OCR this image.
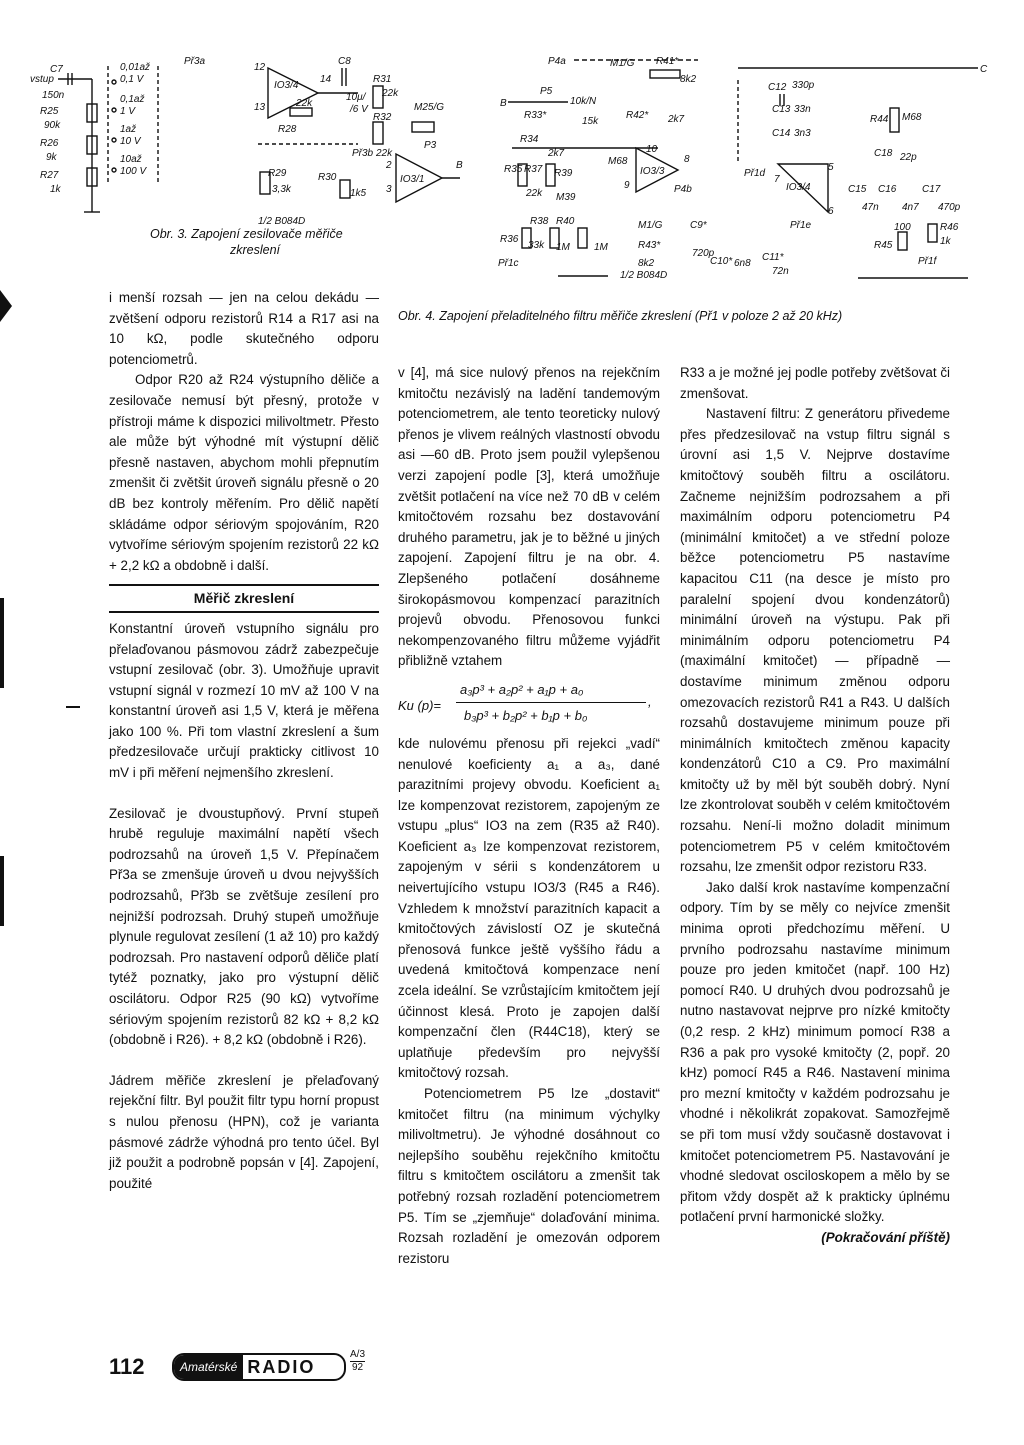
vstup
C7
150n
R25
90k
R26
9k
R27
1k
Př3a
0,01až
0,1 V
0,1až
1 V
1až
10 V
10až
100 V
12
13
IO3/4
14
22k
R28
R29
3,3k
R30
1k5
Př3b
C8
10μ/
/6 V
R31
22k
R32
22k
M25/G
P3
2
3
IO3/1
B
1/2 B084D
Obr. 3. Zapojení zesilovače měřiče
zkreslení
B
P4a	M1/G R41*
8k2
P5
10k/N
R33*
15k
R42* 2k7
R34
R35 R37
2k7
R39
M68
22k M39
10
9
8
IO3/3
P4b
R36
R38 R40
33k 1M 1M
Př1c
M1/G
R43*
8k2
C9*
720p
C10* 6n8
C11*
72n
C
C12 330p
C13 33n
C14 3n3
Př1d
7
IO3/4
5
6
Př1e
R44 M68
C18 22p
C15 C16	C17
47n 4n7 470p
R45
100	R46
1k
Př1f
1/2 B084D
Obr. 4. Zapojení přeladitelného filtru měřiče zkreslení (Př1 v poloze 2 až 20 kHz)

i menší rozsah — jen na celou dekádu — zvětšení odporu rezistorů R14 a R17 asi na 10 kΩ, podle skutečného odporu potenciometrů.

Odpor R20 až R24 výstupního děliče a zesilovače nemusí být přesný, protože v přístroji máme k dispozici milivoltmetr. Přesto ale může být výhodné mít výstupní dělič přesně nastaven, abychom mohli přepnutím zmenšit či zvětšit úroveň signálu přesně o 20 dB bez kontroly měřením. Pro dělič napětí skládáme odpor sériovým spojováním, R20 vytvoříme sériovým spojením rezistorů 22 kΩ + 2,2 kΩ a obdobně i další.

Měřič zkreslení

Konstantní úroveň vstupního signálu pro přelaďovanou pásmovou zádrž zabezpečuje vstupní zesilovač (obr. 3). Umožňuje upravit vstupní signál v rozmezí 10 mV až 100 V na konstantní úroveň asi 1,5 V, která je měřena jako 100 %. Při tom vlastní zkreslení a šum předzesilovače určují prakticky citlivost 10 mV i při měření nejmenšího zkreslení.

Zesilovač je dvoustupňový. První stupeň hrubě reguluje maximální napětí všech podrozsahů na úroveň 1,5 V. Přepínačem Př3a se zmenšuje úroveň u dvou nejvyšších podrozsahů, Př3b se zvětšuje zesílení pro nejnižší podrozsah. Druhý stupeň umožňuje plynule regulovat zesílení (1 až 10) pro každý podrozsah. Pro nastavení odporů děliče platí tytéž poznatky, jako pro výstupní dělič oscilátoru. Odpor R25 (90 kΩ) vytvoříme sériovým spojením rezistorů 82 kΩ + 8,2 kΩ (obdobně i R26). + 8,2 kΩ (obdobně i R26).

Jádrem měřiče zkreslení je přelaďovaný rejekční filtr. Byl použit filtr typu horní propust s nulou přenosu (HPN), což je varianta pásmové zádrže výhodná pro tento účel. Byl již použit a podrobně popsán v [4]. Zapojení, použité

v [4], má sice nulový přenos na rejekčním kmitočtu nezávislý na ladění tandemovým potenciometrem, ale tento teoreticky nulový přenos je vlivem reálných vlastností obvodu asi —60 dB. Proto jsem použil vylepšenou verzi zapojení podle [3], která umožňuje zvětšit potlačení na více než 70 dB v celém kmitočtovém rozsahu bez dostavování druhého parametru, jak je to běžné u jiných zapojení. Zapojení filtru je na obr. 4. Zlepšeného potlačení dosáhneme širokopásmovou kompenzací parazitních projevů obvodu. Přenosovou funkci nekompenzovaného filtru můžeme vyjádřit přibližně vztahem

Ku (p)=
a₃p³ + a₂p² + a₁p + a₀
b₃p³ + b₂p² + b₁p + b₀
,

kde nulovému přenosu při rejekci „vadí“ nenulové koeficienty a₁ a a₃, dané parazitními projevy obvodu. Koeficient a₁ lze kompenzovat rezistorem, zapojeným ze vstupu „plus“ IO3 na zem (R35 až R40). Koeficient a₃ lze kompenzovat rezistorem, zapojeným v sérii s kondenzátorem u neivertujícího vstupu IO3/3 (R45 a R46). Vzhledem k množství parazitních kapacit a kmitočtových závislostí OZ je skutečná přenosová funkce ještě vyššího řádu a uvedená kmitočtová kompenzace není zcela ideální. Se vzrůstajícím kmitočtem její účinnost klesá. Proto je zapojen další kompenzační člen (R44C18), který se uplatňuje především pro nejvyšší kmitočtový rozsah.

Potenciometrem P5 lze „dostavit“ kmitočet filtru (na minimum výchylky milivoltmetru). Je výhodné dosáhnout co nejlepšího souběhu rejekčního kmitočtu filtru s kmitočtem oscilátoru a zmenšit tak potřebný rozsah rozladění potenciometrem P5. Tím se „zjemňuje“ dolaďování minima. Rozsah rozladění je omezován odporem rezistoru

R33 a je možné jej podle potřeby zvětšovat či zmenšovat.

Nastavení filtru: Z generátoru přivedeme přes předzesilovač na vstup filtru signál s úrovní asi 1,5 V. Nejprve dostavíme kmitočtový souběh filtru a oscilátoru. Začneme nejnižším podrozsahem a při maximálním odporu potenciometru P4 (minimální kmitočet) a ve střední poloze běžce potenciometru P5 nastavíme kapacitou C11 (na desce je místo pro paralelní spojení dvou kondenzátorů) minimální úroveň na výstupu. Pak při minimálním odporu potenciometru P4 (maximální kmitočet) — případně — dostavíme minimum změnou odporu omezovacích rezistorů R41 a R43. U dalších rozsahů dostavujeme minimum pouze při minimálních kmitočtech změnou kapacity kondenzátorů C10 a C9. Pro maximální kmitočty už by měl být souběh dobrý. Nyní lze zkontrolovat souběh v celém kmitočtovém rozsahu. Není-li možno doladit minimum potenciometrem P5 v celém kmitočtovém rozsahu, lze zmenšit odpor rezistoru R33.

Jako další krok nastavíme kompenzační odpory. Tím by se měly co nejvíce zmenšit minima oproti předchozímu měření. U prvního podrozsahu nastavíme minimum pouze pro jeden kmitočet (např. 100 Hz) pomocí R40. U druhých dvou podrozsahů je nutno nastavovat nejprve pro nízké kmitočty (0,2 resp. 2 kHz) minimum pomocí R38 a R36 a pak pro vysoké kmitočty (2, popř. 20 kHz) pomocí R45 a R46. Nastavení minima pro mezní kmitočty v každém podrozsahu je vhodné i několikrát zopakovat. Samozřejmě se při tom musí vždy současně dostavovat i kmitočet potenciometrem P5. Nastavování je vhodné sledovat osciloskopem a mělo by se přitom vždy dospět až k prakticky úplnému potlačení první harmonické složky.

(Pokračování příště)

112	Amatérské RADIO
A/3
92
